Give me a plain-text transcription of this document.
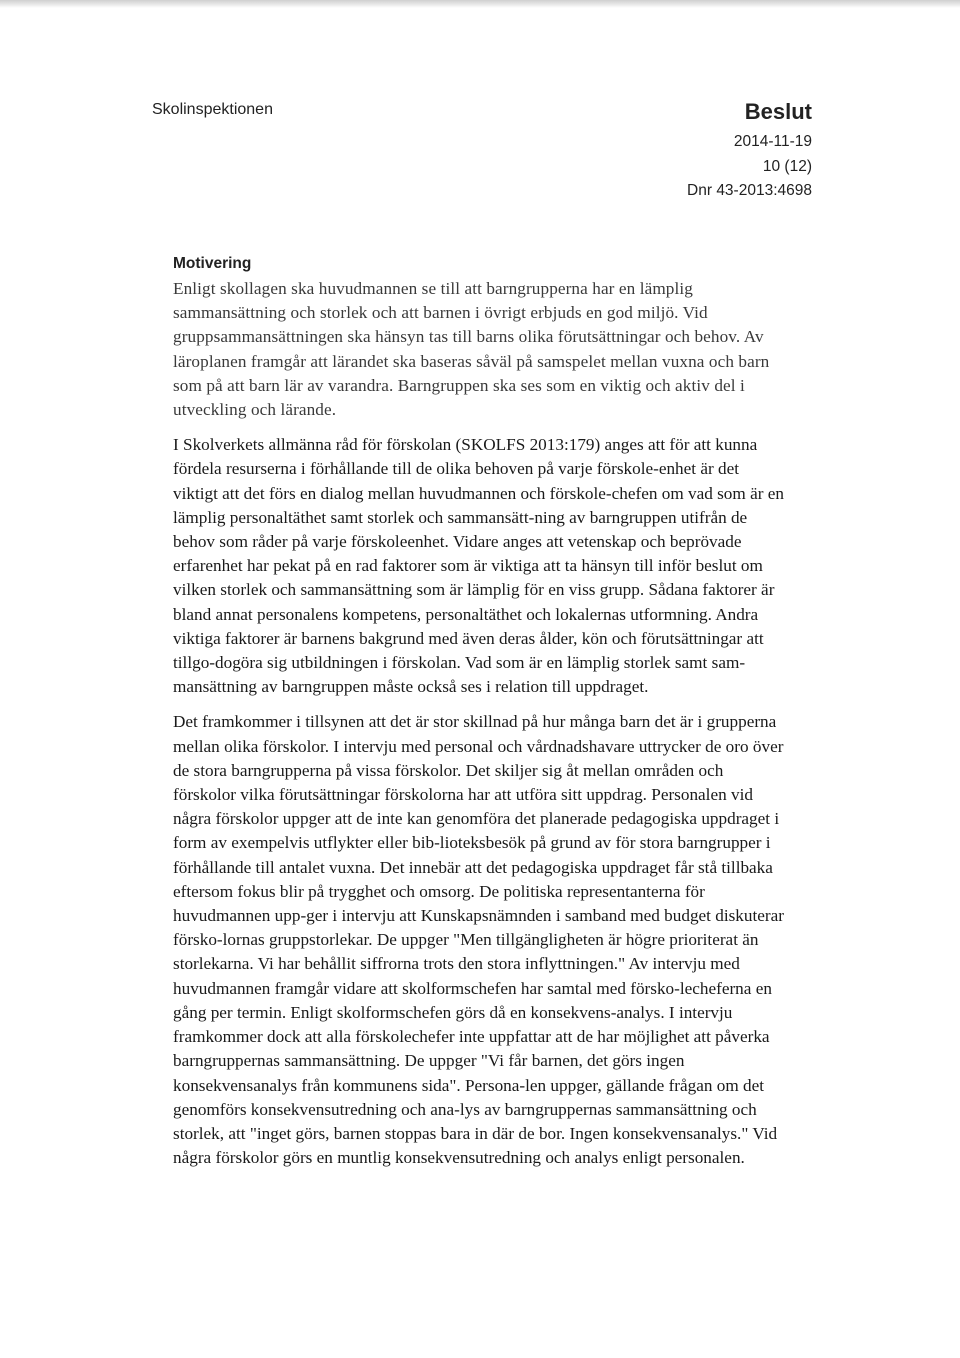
Skolinspektionen	Beslut

2014-11-19

10 (12)

Dnr 43-2013:4698

Motivering

Enligt skollagen ska huvudmannen se till att barngrupperna har en lämplig sammansättning och storlek och att barnen i övrigt erbjuds en god miljö. Vid gruppsammansättningen ska hänsyn tas till barns olika förutsättningar och behov. Av läroplanen framgår att lärandet ska baseras såväl på samspelet mellan vuxna och barn som på att barn lär av varandra. Barngruppen ska ses som en viktig och aktiv del i utveckling och lärande.

I Skolverkets allmänna råd för förskolan (SKOLFS 2013:179) anges att för att kunna fördela resurserna i förhållande till de olika behoven på varje förskole-enhet är det viktigt att det förs en dialog mellan huvudmannen och förskole-chefen om vad som är en lämplig personaltäthet samt storlek och sammansätt-ning av barngruppen utifrån de behov som råder på varje förskoleenhet. Vidare anges att vetenskap och beprövade erfarenhet har pekat på en rad faktorer som är viktiga att ta hänsyn till inför beslut om vilken storlek och sammansättning som är lämplig för en viss grupp. Sådana faktorer är bland annat personalens kompetens, personaltäthet och lokalernas utformning. Andra viktiga faktorer är barnens bakgrund med även deras ålder, kön och förutsättningar att tillgo-dogöra sig utbildningen i förskolan. Vad som är en lämplig storlek samt sam-mansättning av barngruppen måste också ses i relation till uppdraget.

Det framkommer i tillsynen att det är stor skillnad på hur många barn det är i grupperna mellan olika förskolor. I intervju med personal och vårdnadshavare uttrycker de oro över de stora barngrupperna på vissa förskolor. Det skiljer sig åt mellan områden och förskolor vilka förutsättningar förskolorna har att utföra sitt uppdrag. Personalen vid några förskolor uppger att de inte kan genomföra det planerade pedagogiska uppdraget i form av exempelvis utflykter eller bib-lioteksbesök på grund av för stora barngrupper i förhållande till antalet vuxna. Det innebär att det pedagogiska uppdraget får stå tillbaka eftersom fokus blir på trygghet och omsorg. De politiska representanterna för huvudmannen upp-ger i intervju att Kunskapsnämnden i samband med budget diskuterar försko-lornas gruppstorlekar. De uppger "Men tillgängligheten är högre prioriterat än storlekarna. Vi har behållit siffrorna trots den stora inflyttningen." Av intervju med huvudmannen framgår vidare att skolformschefen har samtal med försko-lecheferna en gång per termin. Enligt skolformschefen görs då en konsekvens-analys. I intervju framkommer dock att alla förskolechefer inte uppfattar att de har möjlighet att påverka barngruppernas sammansättning. De uppger "Vi får barnen, det görs ingen konsekvensanalys från kommunens sida". Persona-len uppger, gällande frågan om det genomförs konsekvensutredning och ana-lys av barngruppernas sammansättning och storlek, att "inget görs, barnen stoppas bara in där de bor. Ingen konsekvensanalys." Vid några förskolor görs en muntlig konsekvensutredning och analys enligt personalen.
